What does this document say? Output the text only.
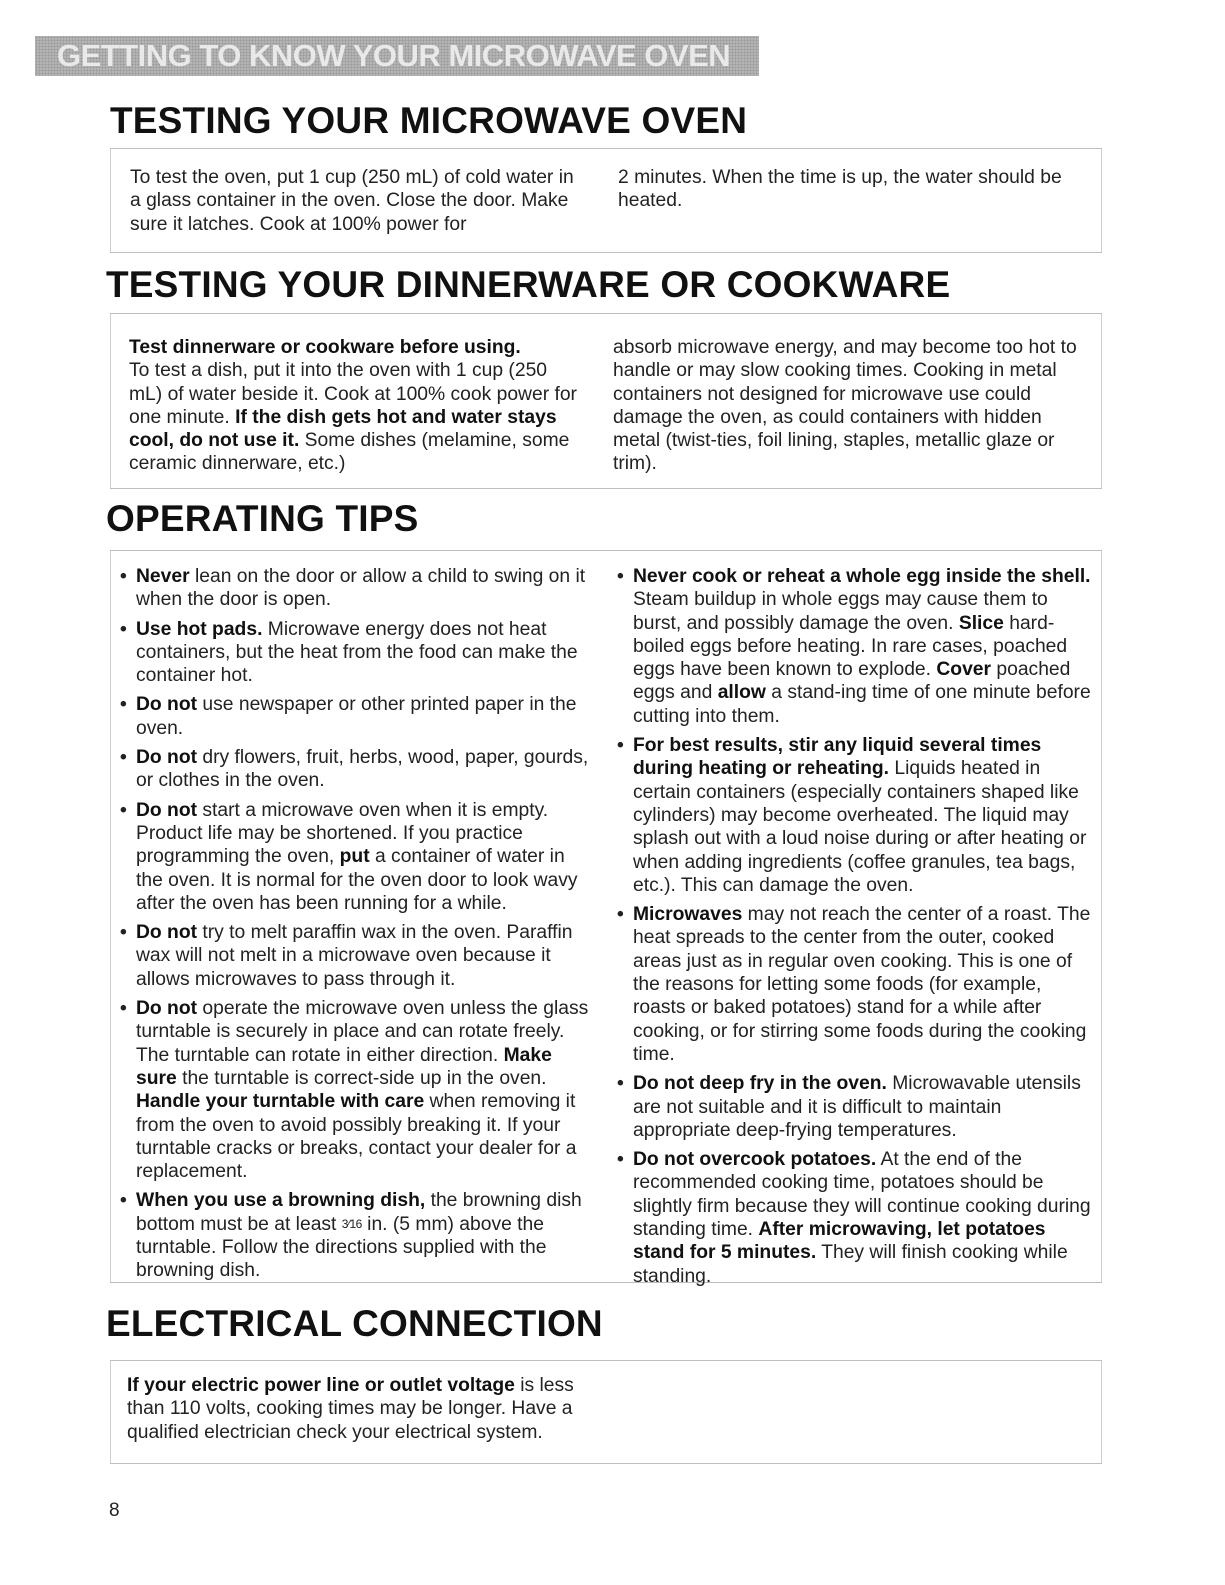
GETTING TO KNOW YOUR MICROWAVE OVEN
TESTING YOUR MICROWAVE OVEN

To test the oven, put 1 cup (250 mL) of cold water in a glass container in the oven. Close the door. Make sure it latches. Cook at 100% power for

2 minutes. When the time is up, the water should be heated.

TESTING YOUR DINNERWARE OR COOKWARE

Test dinnerware or cookware before using.
To test a dish, put it into the oven with 1 cup (250 mL) of water beside it. Cook at 100% cook power for one minute. If the dish gets hot and water stays cool, do not use it. Some dishes (melamine, some ceramic dinnerware, etc.)

absorb microwave energy, and may become too hot to handle or may slow cooking times. Cooking in metal containers not designed for microwave use could damage the oven, as could containers with hidden metal (twist-ties, foil lining, staples, metallic glaze or trim).

OPERATING TIPS
• Never lean on the door or allow a child to swing on it when the door is open.
• Use hot pads. Microwave energy does not heat containers, but the heat from the food can make the container hot.
• Do not use newspaper or other printed paper in the oven.
• Do not dry flowers, fruit, herbs, wood, paper, gourds, or clothes in the oven.
• Do not start a microwave oven when it is empty. Product life may be shortened. If you practice programming the oven, put a container of water in the oven. It is normal for the oven door to look wavy after the oven has been running for a while.
• Do not try to melt paraffin wax in the oven. Paraffin wax will not melt in a microwave oven because it allows microwaves to pass through it.
• Do not operate the microwave oven unless the glass turntable is securely in place and can rotate freely. The turntable can rotate in either direction. Make sure the turntable is correct-side up in the oven. Handle your turntable with care when removing it from the oven to avoid possibly breaking it. If your turntable cracks or breaks, contact your dealer for a replacement.
• When you use a browning dish, the browning dish bottom must be at least 3⁄16 in. (5 mm) above the turntable. Follow the directions supplied with the browning dish.
• Never cook or reheat a whole egg inside the shell. Steam buildup in whole eggs may cause them to burst, and possibly damage the oven. Slice hard-boiled eggs before heating. In rare cases, poached eggs have been known to explode. Cover poached eggs and allow a stand-ing time of one minute before cutting into them.
• For best results, stir any liquid several times during heating or reheating. Liquids heated in certain containers (especially containers shaped like cylinders) may become overheated. The liquid may splash out with a loud noise during or after heating or when adding ingredients (coffee granules, tea bags, etc.). This can damage the oven.
• Microwaves may not reach the center of a roast. The heat spreads to the center from the outer, cooked areas just as in regular oven cooking. This is one of the reasons for letting some foods (for example, roasts or baked potatoes) stand for a while after cooking, or for stirring some foods during the cooking time.
• Do not deep fry in the oven. Microwavable utensils are not suitable and it is difficult to maintain appropriate deep-frying temperatures.
• Do not overcook potatoes. At the end of the recommended cooking time, potatoes should be slightly firm because they will continue cooking during standing time. After microwaving, let potatoes stand for 5 minutes. They will finish cooking while standing.
ELECTRICAL CONNECTION

If your electric power line or outlet voltage is less than 110 volts, cooking times may be longer. Have a qualified electrician check your electrical system.

8
